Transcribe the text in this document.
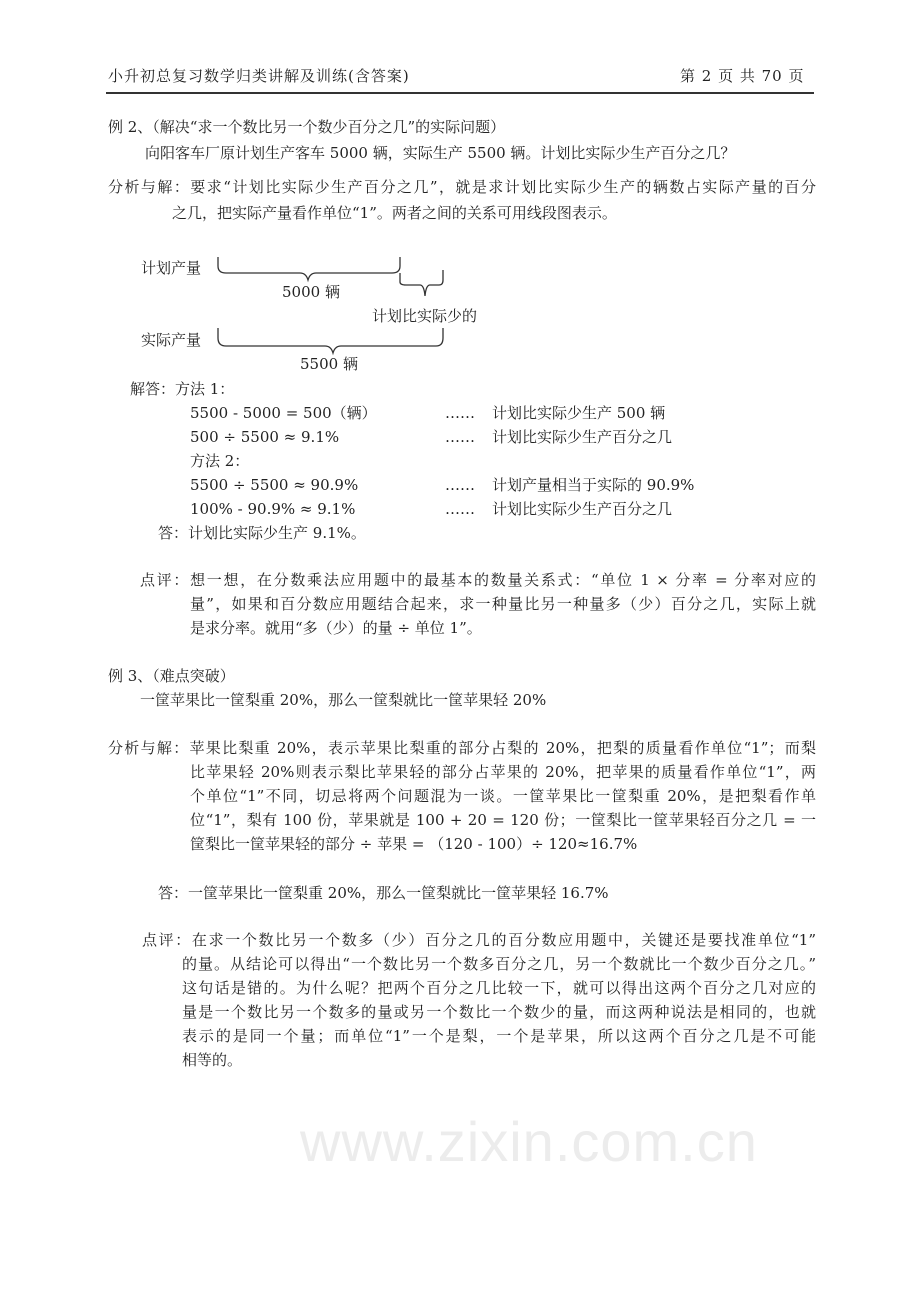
www.zixin.com.cn
小升初总复习数学归类讲解及训练(含答案)	第 2 页 共 70 页
例 2、（解决“求一个数比另一个数少百分之几”的实际问题）
向阳客车厂原计划生产客车 5000 辆，实际生产 5500 辆。计划比实际少生产百分之几？
分析与解：要求“计划比实际少生产百分之几”，就是求计划比实际少生产的辆数占实际产量的百分
之几，把实际产量看作单位“1”。两者之间的关系可用线段图表示。
计划产量
5000 辆
计划比实际少的
实际产量
5500 辆
解答：方法 1：
5500 - 5000 = 500（辆）	…… 计划比实际少生产 500 辆
500 ÷ 5500 ≈ 9.1%	…… 计划比实际少生产百分之几
方法 2：
5500 ÷ 5500 ≈ 90.9%	…… 计划产量相当于实际的 90.9%
100% - 90.9% ≈ 9.1%	…… 计划比实际少生产百分之几
答：计划比实际少生产 9.1%。
点评：想一想，在分数乘法应用题中的最基本的数量关系式：“单位 1 × 分率 = 分率对应的
量”，如果和百分数应用题结合起来，求一种量比另一种量多（少）百分之几，实际上就
是求分率。就用“多（少）的量 ÷ 单位 1”。
例 3、（难点突破）
一筐苹果比一筐梨重 20%，那么一筐梨就比一筐苹果轻 20%
分析与解：苹果比梨重 20%，表示苹果比梨重的部分占梨的 20%，把梨的质量看作单位“1”；而梨
比苹果轻 20%则表示梨比苹果轻的部分占苹果的 20%，把苹果的质量看作单位“1”，两
个单位“1”不同，切忌将两个问题混为一谈。一筐苹果比一筐梨重 20%，是把梨看作单
位“1”，梨有 100 份，苹果就是 100 + 20 = 120 份；一筐梨比一筐苹果轻百分之几 = 一
筐梨比一筐苹果轻的部分 ÷ 苹果 = （120 - 100）÷ 120≈16.7%
答：一筐苹果比一筐梨重 20%，那么一筐梨就比一筐苹果轻 16.7%
点评：在求一个数比另一个数多（少）百分之几的百分数应用题中，关键还是要找准单位“1”
的量。从结论可以得出“一个数比另一个数多百分之几，另一个数就比一个数少百分之几。”
这句话是错的。为什么呢？把两个百分之几比较一下，就可以得出这两个百分之几对应的
量是一个数比另一个数多的量或另一个数比一个数少的量，而这两种说法是相同的，也就
表示的是同一个量；而单位“1”一个是梨，一个是苹果，所以这两个百分之几是不可能
相等的。
